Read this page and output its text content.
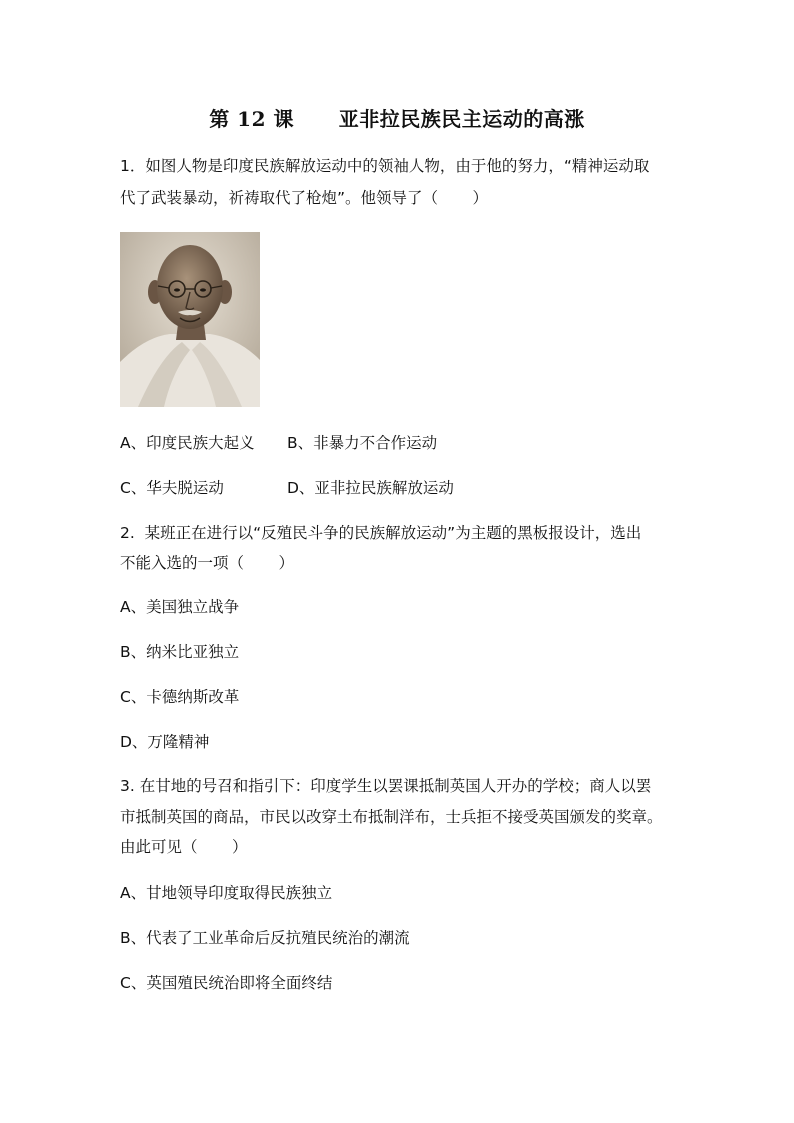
第 12 课      亚非拉民族民主运动的高涨
1．如图人物是印度民族解放运动中的领袖人物，由于他的努力，“精神运动取
代了武装暴动，祈祷取代了枪炮”。他领导了（       ）
A、印度民族大起义 B、非暴力不合作运动
C、华夫脱运动	D、亚非拉民族解放运动
2.  某班正在进行以“反殖民斗争的民族解放运动”为主题的黑板报设计，选出
不能入选的一项（       ）
A、美国独立战争
B、纳米比亚独立
C、卡德纳斯改革
D、万隆精神
3. 在甘地的号召和指引下：印度学生以罢课抵制英国人开办的学校；商人以罢
市抵制英国的商品，市民以改穿土布抵制洋布，士兵拒不接受英国颁发的奖章。
由此可见（       ）
A、甘地领导印度取得民族独立
B、代表了工业革命后反抗殖民统治的潮流
C、英国殖民统治即将全面终结
